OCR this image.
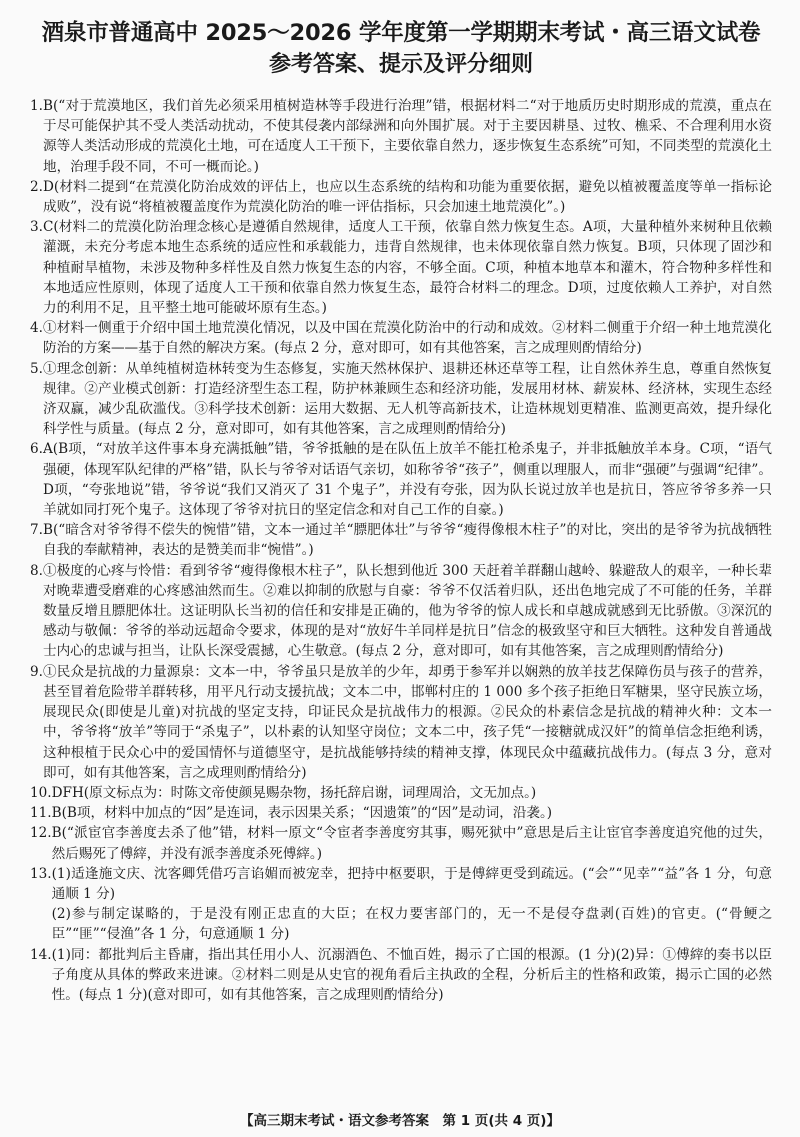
酒泉市普通高中 2025～2026 学年度第一学期期末考试・高三语文试卷
参考答案、提示及评分细则
1. B(“对于荒漠地区，我们首先必须采用植树造林等手段进行治理”错，根据材料二“对于地质历史时期形成的荒漠，重点在于尽可能保护其不受人类活动扰动，不使其侵袭内部绿洲和向外围扩展。对于主要因耕垦、过牧、樵采、不合理利用水资源等人类活动形成的荒漠化土地，可在适度人工干预下，主要依靠自然力，逐步恢复生态系统”可知，不同类型的荒漠化土地，治理手段不同，不可一概而论。)
2. D(材料二提到“在荒漠化防治成效的评估上，也应以生态系统的结构和功能为重要依据，避免以植被覆盖度等单一指标论成败”，没有说“将植被覆盖度作为荒漠化防治的唯一评估指标，只会加速土地荒漠化”。)
3. C(材料二的荒漠化防治理念核心是遵循自然规律，适度人工干预，依靠自然力恢复生态。A项，大量种植外来树种且依赖灌溉，未充分考虑本地生态系统的适应性和承载能力，违背自然规律，也未体现依靠自然力恢复。B项，只体现了固沙和种植耐旱植物，未涉及物种多样性及自然力恢复生态的内容，不够全面。C项，种植本地草本和灌木，符合物种多样性和本地适应性原则，体现了适度人工干预和依靠自然力恢复生态，最符合材料二的理念。D项，过度依赖人工养护，对自然力的利用不足，且平整土地可能破坏原有生态。)
4. ①材料一侧重于介绍中国土地荒漠化情况，以及中国在荒漠化防治中的行动和成效。②材料二侧重于介绍一种土地荒漠化防治的方案——基于自然的解决方案。(每点 2 分，意对即可，如有其他答案，言之成理则酌情给分)
5. ①理念创新：从单纯植树造林转变为生态修复，实施天然林保护、退耕还林还草等工程，让自然休养生息，尊重自然恢复规律。②产业模式创新：打造经济型生态工程，防护林兼顾生态和经济功能，发展用材林、薪炭林、经济林，实现生态经济双赢，减少乱砍滥伐。③科学技术创新：运用大数据、无人机等高新技术，让造林规划更精准、监测更高效，提升绿化科学性与质量。(每点 2 分，意对即可，如有其他答案，言之成理则酌情给分)
6. A(B项，“对放羊这件事本身充满抵触”错，爷爷抵触的是在队伍上放羊不能扛枪杀鬼子，并非抵触放羊本身。C项，“语气强硬，体现军队纪律的严格”错，队长与爷爷对话语气亲切，如称爷爷“孩子”，侧重以理服人，而非“强硬”与强调“纪律”。D项，“夸张地说”错，爷爷说“我们又消灭了 31 个鬼子”，并没有夸张，因为队长说过放羊也是抗日，答应爷爷多养一只羊就如同打死个鬼子。这体现了爷爷对抗日的坚定信念和对自己工作的自豪。)
7. B(“暗含对爷爷得不偿失的惋惜”错，文本一通过羊“膘肥体壮”与爷爷“瘦得像根木柱子”的对比，突出的是爷爷为抗战牺牲自我的奉献精神，表达的是赞美而非“惋惜”。)
8. ①极度的心疼与怜惜：看到爷爷“瘦得像根木柱子”，队长想到他近 300 天赶着羊群翻山越岭、躲避敌人的艰辛，一种长辈对晚辈遭受磨难的心疼感油然而生。②难以抑制的欣慰与自豪：爷爷不仅活着归队，还出色地完成了不可能的任务，羊群数量反增且膘肥体壮。这证明队长当初的信任和安排是正确的，他为爷爷的惊人成长和卓越成就感到无比骄傲。③深沉的感动与敬佩：爷爷的举动远超命令要求，体现的是对“放好牛羊同样是抗日”信念的极致坚守和巨大牺牲。这种发自普通战士内心的忠诚与担当，让队长深受震撼，心生敬意。(每点 2 分，意对即可，如有其他答案，言之成理则酌情给分)
9. ①民众是抗战的力量源泉：文本一中，爷爷虽只是放羊的少年，却勇于参军并以娴熟的放羊技艺保障伤员与孩子的营养，甚至冒着危险带羊群转移，用平凡行动支援抗战；文本二中，邯郸村庄的 1 000 多个孩子拒绝日军糖果，坚守民族立场，展现民众(即使是儿童)对抗战的坚定支持，印证民众是抗战伟力的根源。②民众的朴素信念是抗战的精神火种：文本一中，爷爷将“放羊”等同于“杀鬼子”，以朴素的认知坚守岗位；文本二中，孩子凭“一接糖就成汉奸”的简单信念拒绝利诱，这种根植于民众心中的爱国情怀与道德坚守，是抗战能够持续的精神支撑，体现民众中蕴藏抗战伟力。(每点 3 分，意对即可，如有其他答案，言之成理则酌情给分)
10. DFH(原文标点为：时陈文帝使颜晃赐杂物，扬托辞启谢，词理周洽，文无加点。)
11. B(B项，材料中加点的“因”是连词，表示因果关系；“因遗策”的“因”是动词，沿袭。)
12. B(“派宦官李善度去杀了他”错，材料一原文“令宦者李善度穷其事，赐死狱中”意思是后主让宦官李善度追究他的过失，然后赐死了傅縡，并没有派李善度杀死傅縡。)
13. (1)适逢施文庆、沈客卿凭借巧言谄媚而被宠幸，把持中枢要职，于是傅縡更受到疏远。(“会”“见幸”“益”各 1 分，句意通顺 1 分)
(2)参与制定谋略的，于是没有刚正忠直的大臣；在权力要害部门的，无一不是侵夺盘剥(百姓)的官吏。(“骨鲠之臣”“匪”“侵渔”各 1 分，句意通顺 1 分)
14. (1)同：都批判后主昏庸，指出其任用小人、沉溺酒色、不恤百姓，揭示了亡国的根源。(1 分)(2)异：①傅縡的奏书以臣子角度从具体的弊政来进谏。②材料二则是从史官的视角看后主执政的全程，分析后主的性格和政策，揭示亡国的必然性。(每点 1 分)(意对即可，如有其他答案，言之成理则酌情给分)
【高三期末考试・语文参考答案　第 1 页(共 4 页)】
